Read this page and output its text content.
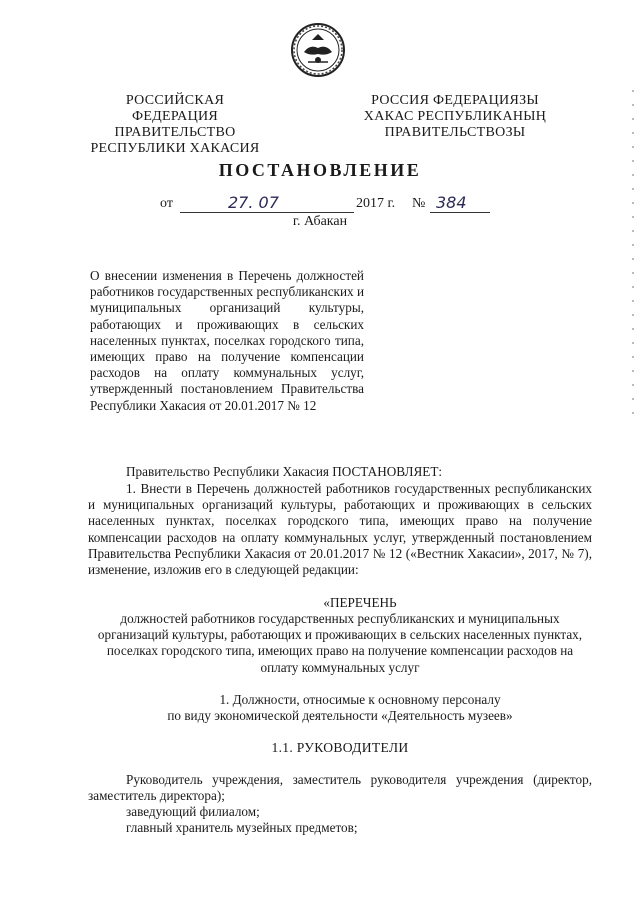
РОССИЙСКАЯ ФЕДЕРАЦИЯ
ПРАВИТЕЛЬСТВО
РЕСПУБЛИКИ ХАКАСИЯ
РОССИЯ ФЕДЕРАЦИЯЗЫ
ХАКАС РЕСПУБЛИКАНЫҢ
ПРАВИТЕЛЬСТВОЗЫ
ПОСТАНОВЛЕНИЕ
от	27. 07	2017 г. № 384
г. Абакан
О внесении изменения в Перечень должностей работников государственных республиканских и муниципальных организаций культуры, работающих и проживающих в сельских населенных пунктах, поселках городского типа, имеющих право на получение компенсации расходов на оплату коммунальных услуг, утвержденный постановлением Правительства Республики Хакасия от 20.01.2017 № 12
Правительство Республики Хакасия ПОСТАНОВЛЯЕТ:
1. Внести в Перечень должностей работников государственных республиканских и муниципальных организаций культуры, работающих и проживающих в сельских населенных пунктах, поселках городского типа, имеющих право на получение компенсации расходов на оплату коммунальных услуг, утвержденный постановлением Правительства Республики Хакасия от 20.01.2017 № 12 («Вестник Хакасии», 2017, № 7), изменение, изложив его в следующей редакции:
«ПЕРЕЧЕНЬ
должностей работников государственных республиканских и муниципальных организаций культуры, работающих и проживающих в сельских населенных пунктах, поселках городского типа, имеющих право на получение компенсации расходов на оплату коммунальных услуг
1. Должности, относимые к основному персоналу
по виду экономической деятельности «Деятельность музеев»
1.1. РУКОВОДИТЕЛИ
Руководитель учреждения, заместитель руководителя учреждения (директор, заместитель директора);
заведующий филиалом;
главный хранитель музейных предметов;
